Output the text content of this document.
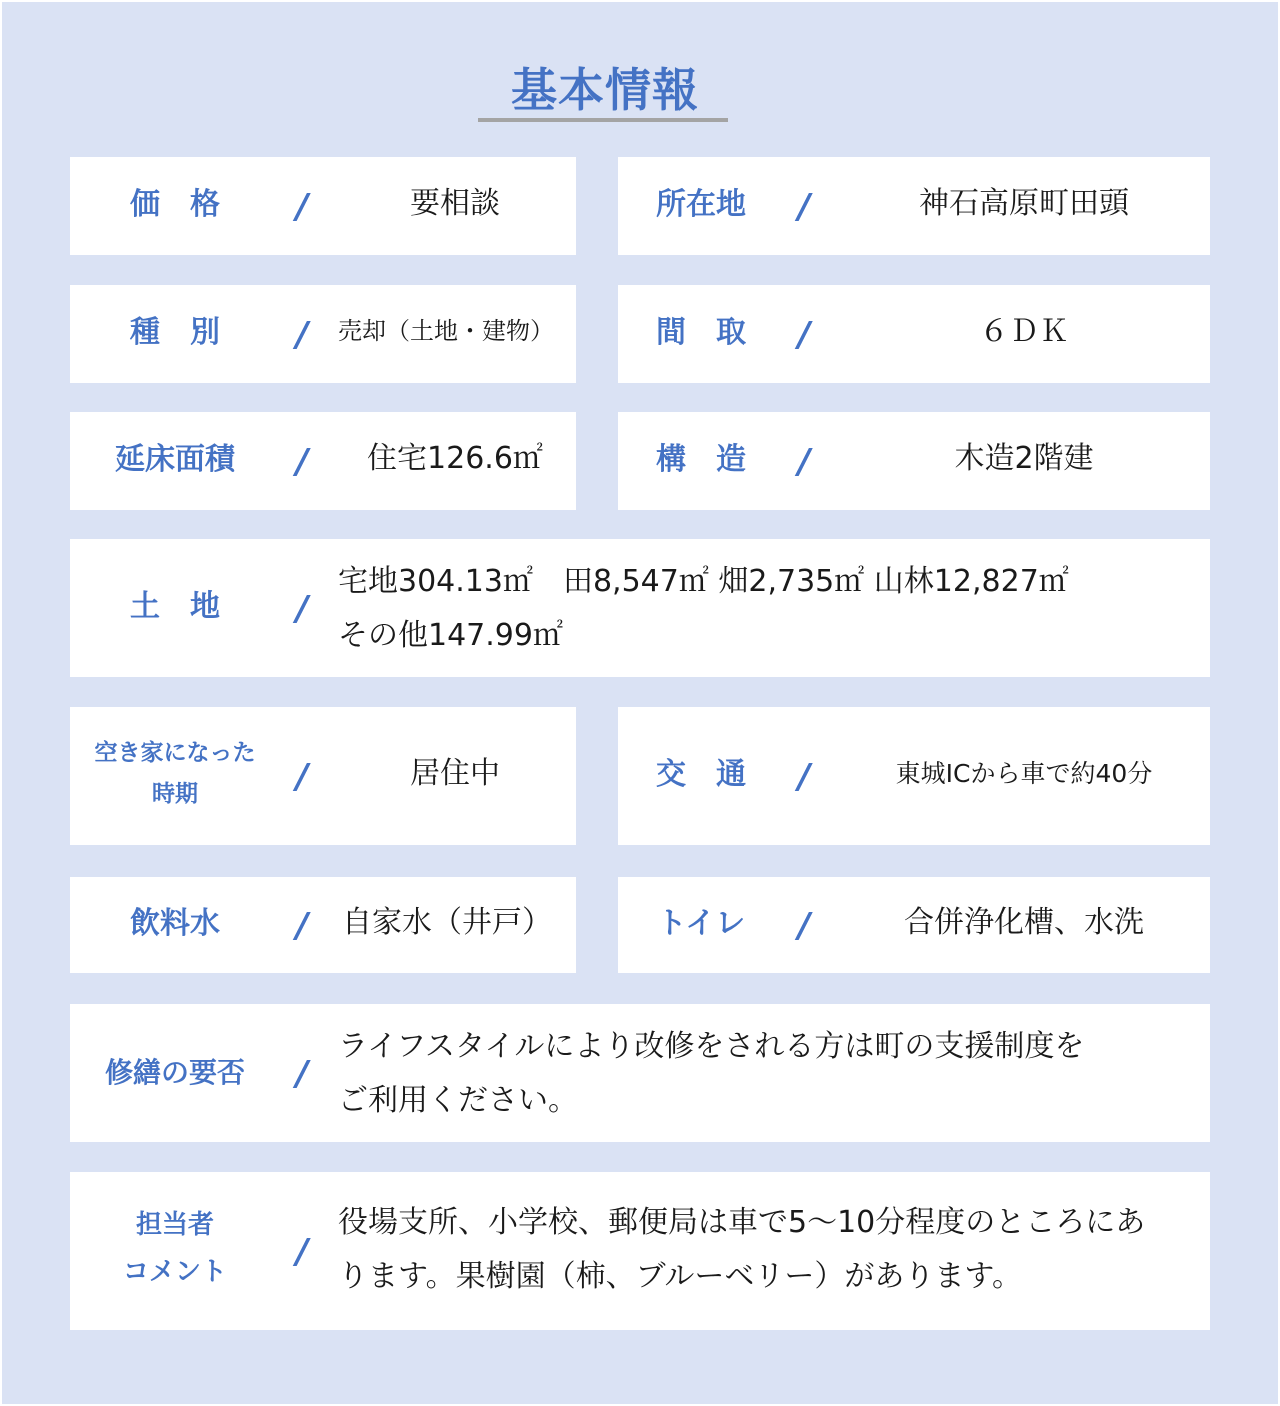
基本情報
価　格	/	要相談	所在地	/	神石高原町田頭
種　別	/ 売却（土地・建物）	間　取	/	６ＤＫ
延床面積	/	住宅126.6㎡	構　造	/	木造2階建
土　地	/
宅地304.13㎡　田8,547㎡ 畑2,735㎡ 山林12,827㎡
その他147.99㎡
空き家になった
時期	/	居住中	交　通	/	東城ICから車で約40分
飲料水	/ 自家水（井戸）	トイレ	/	合併浄化槽、水洗
修繕の要否	/
ライフスタイルにより改修をされる方は町の支援制度を
ご利用ください。
担当者
コメント	/
役場支所、小学校、郵便局は車で5～10分程度のところにあ
ります。果樹園（柿、ブルーベリー）があります。
